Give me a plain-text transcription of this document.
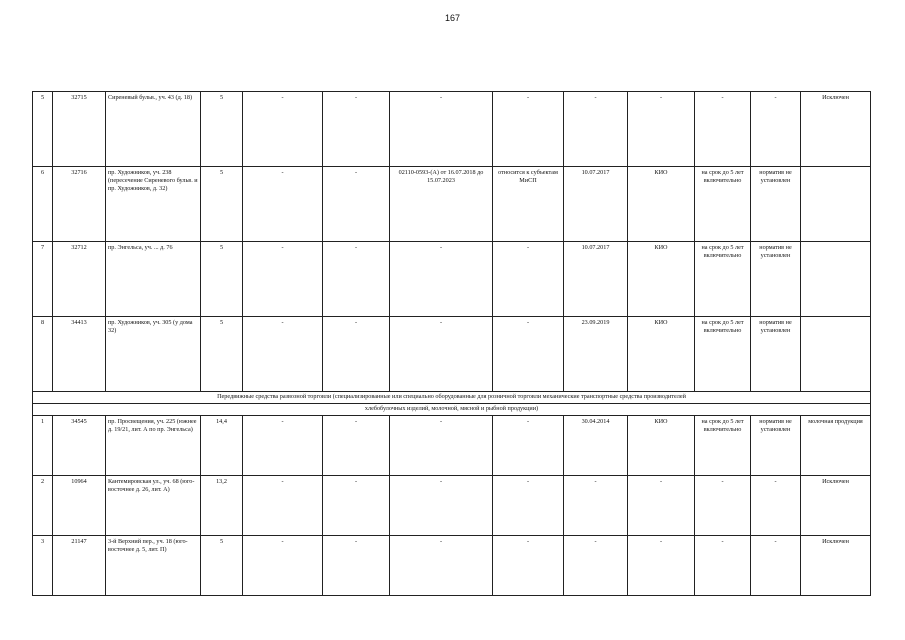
167
5	32715	Сиреневый бульв., уч. 43 (д. 18)	5	-	-	-	-	-	-	-	-	Исключен
6	32716	пр. Художников, уч. 238 (пересечение Сиреневого бульв. и пр. Художников, д. 32)	5	-	-	02110-0593-(А) от 16.07.2018 до 15.07.2023	относится к субъектам МиСП	10.07.2017	КИО	на срок до 5 лет включительно	норматив не установлен	
7	32712	пр. Энгельса, уч. ... д. 76	5	-	-	-	-	10.07.2017	КИО	на срок до 5 лет включительно	норматив не установлен	
8	34413	пр. Художников, уч. 305 (у дома 32)	5	-	-	-	-	23.09.2019	КИО	на срок до 5 лет включительно	норматив не установлен	
Передвижные средства развозной торговли (специализированные или специально оборудованные для розничной торговли механические транспортные средства производителей												
хлебобулочных изделий, молочной, мясной и рыбной продукции)												
1	34545	пр. Просвещения, уч. 225 (южнее д. 19/21, лит. А по пр. Энгельса)	14,4	-	-	-	-	30.04.2014	КИО	на срок до 5 лет включительно	норматив не установлен	молочная продукция
2	10964	Кантемировская ул., уч. 68 (юго-восточнее д. 26, лит. А)	13,2	-	-	-	-	-	-	-	-	Исключен
3	21147	3-й Верхний пер., уч. 18 (юго-восточнее д. 5, лит. П)	5	-	-	-	-	-	-	-	-	Исключен
